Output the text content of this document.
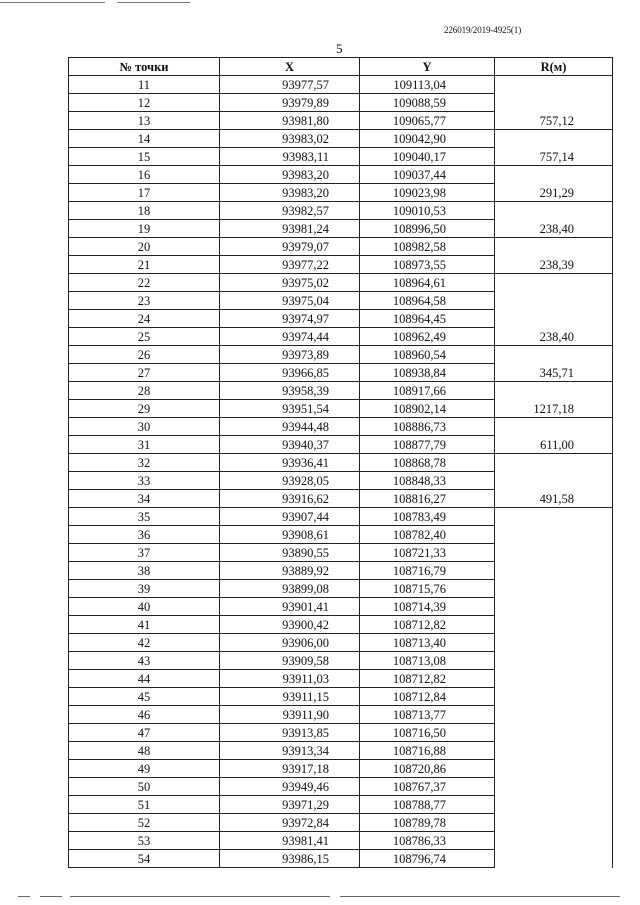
226019/2019-4925(1)
5
№ точки	X	Y	R(м)
11	93977,57	109113,04	
12	93979,89	109088,59	
13	93981,80	109065,77	757,12
14	93983,02	109042,90	
15	93983,11	109040,17	757,14
16	93983,20	109037,44	
17	93983,20	109023,98	291,29
18	93982,57	109010,53	
19	93981,24	108996,50	238,40
20	93979,07	108982,58	
21	93977,22	108973,55	238,39
22	93975,02	108964,61	
23	93975,04	108964,58	
24	93974,97	108964,45	
25	93974,44	108962,49	238,40
26	93973,89	108960,54	
27	93966,85	108938,84	345,71
28	93958,39	108917,66	
29	93951,54	108902,14	1217,18
30	93944,48	108886,73	
31	93940,37	108877,79	611,00
32	93936,41	108868,78	
33	93928,05	108848,33	
34	93916,62	108816,27	491,58
35	93907,44	108783,49	
36	93908,61	108782,40	
37	93890,55	108721,33	
38	93889,92	108716,79	
39	93899,08	108715,76	
40	93901,41	108714,39	
41	93900,42	108712,82	
42	93906,00	108713,40	
43	93909,58	108713,08	
44	93911,03	108712,82	
45	93911,15	108712,84	
46	93911,90	108713,77	
47	93913,85	108716,50	
48	93913,34	108716,88	
49	93917,18	108720,86	
50	93949,46	108767,37	
51	93971,29	108788,77	
52	93972,84	108789,78	
53	93981,41	108786,33	
54	93986,15	108796,74	
